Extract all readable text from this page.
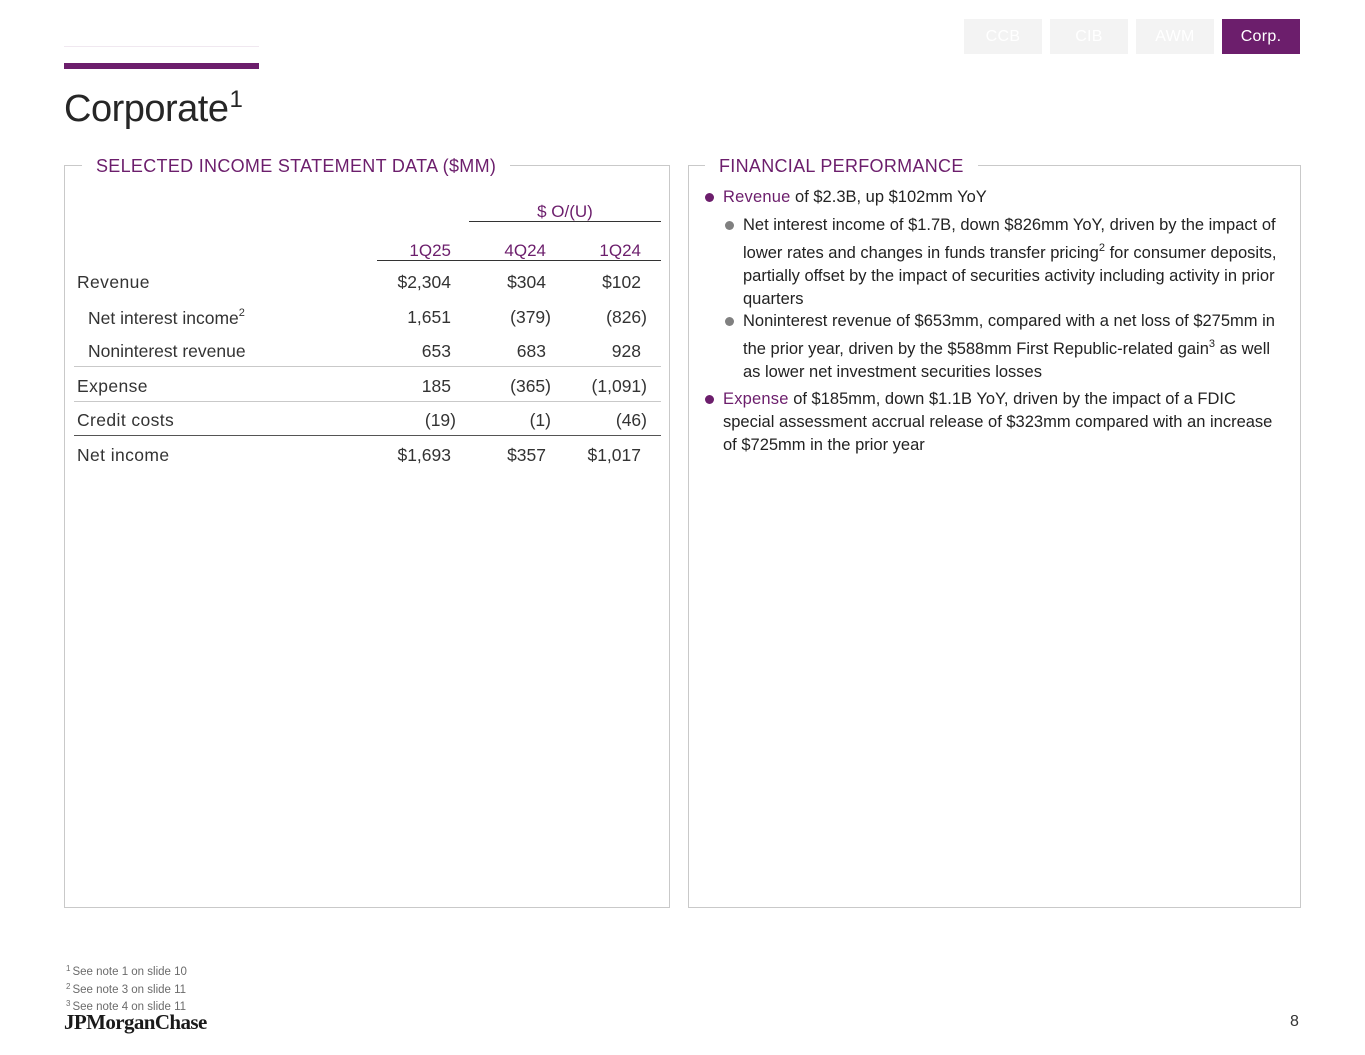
CCB	CIB	AWM	Corp.
Corporate$^1$
SELECTED INCOME STATEMENT DATA ($MM)
$ O/(U)
1Q25	4Q24	1Q24
Revenue	$2,304	$304	$102
Net interest income$^2$	1,651	(379)	(826)
Noninterest revenue	653	683	928
Expense	185	(365)	(1,091)
Credit costs	(19)	(1)	(46)
Net income	$1,693	$357	$1,017
FINANCIAL PERFORMANCE
Revenue of $2.3B, up $102mm YoY
Net interest income of $1.7B, down $826mm YoY, driven by the impact of lower rates and changes in funds transfer pricing$^2$ for consumer deposits, partially offset by the impact of securities activity including activity in prior quarters
Noninterest revenue of $653mm, compared with a net loss of $275mm in the prior year, driven by the $588mm First Republic-related gain$^3$ as well as lower net investment securities losses
Expense of $185mm, down $1.1B YoY, driven by the impact of a FDIC special assessment accrual release of $323mm compared with an increase of $725mm in the prior year
$^1$ See note 1 on slide 10
$^2$ See note 3 on slide 11
$^3$ See note 4 on slide 11
JPMorganChase	8
